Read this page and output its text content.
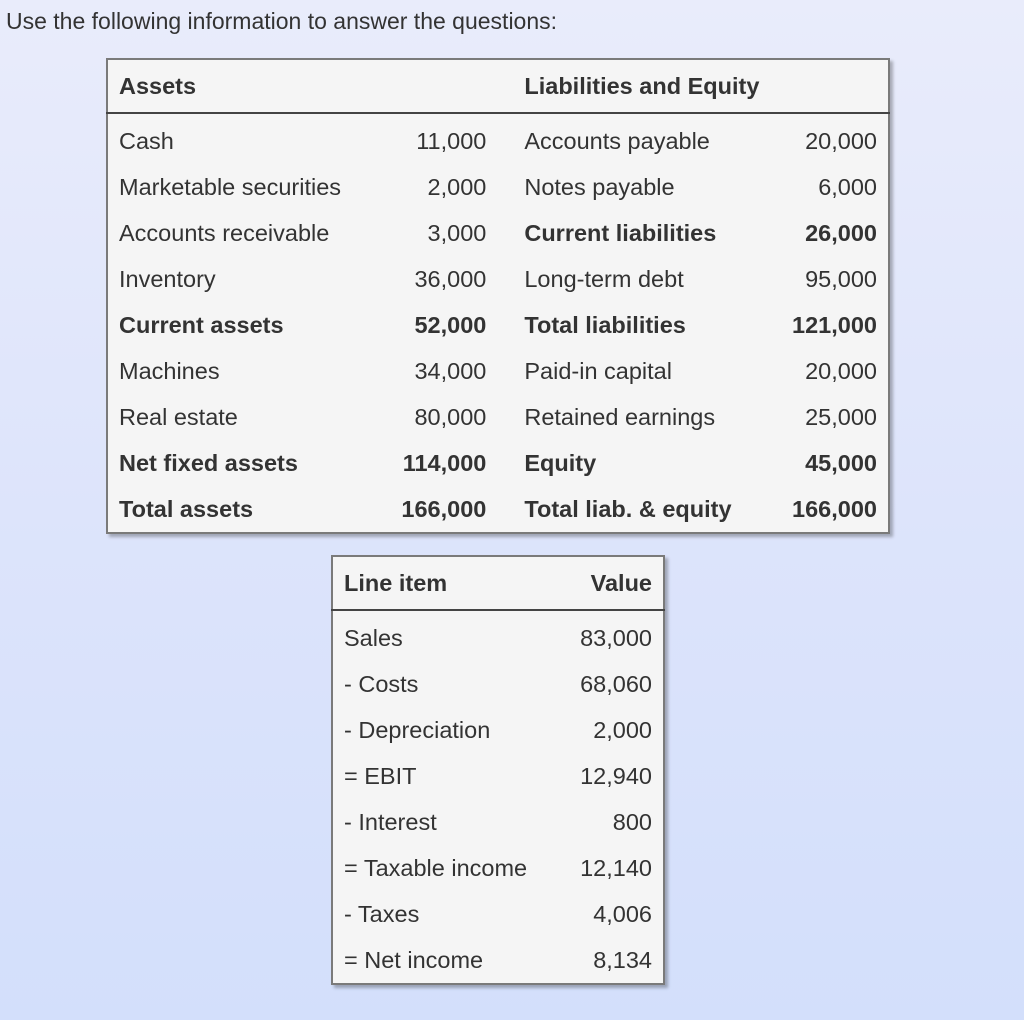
Use the following information to answer the questions:
Assets		Liabilities and Equity	
Cash	11,000	Accounts payable	20,000
Marketable securities	2,000	Notes payable	6,000
Accounts receivable	3,000	Current liabilities	26,000
Inventory	36,000	Long-term debt	95,000
Current assets	52,000	Total liabilities	121,000
Machines	34,000	Paid-in capital	20,000
Real estate	80,000	Retained earnings	25,000
Net fixed assets	114,000	Equity	45,000
Total assets	166,000	Total liab. & equity	166,000
Line item	Value
Sales	83,000
- Costs	68,060
- Depreciation	2,000
= EBIT	12,940
- Interest	800
= Taxable income	12,140
- Taxes	4,006
= Net income	8,134
